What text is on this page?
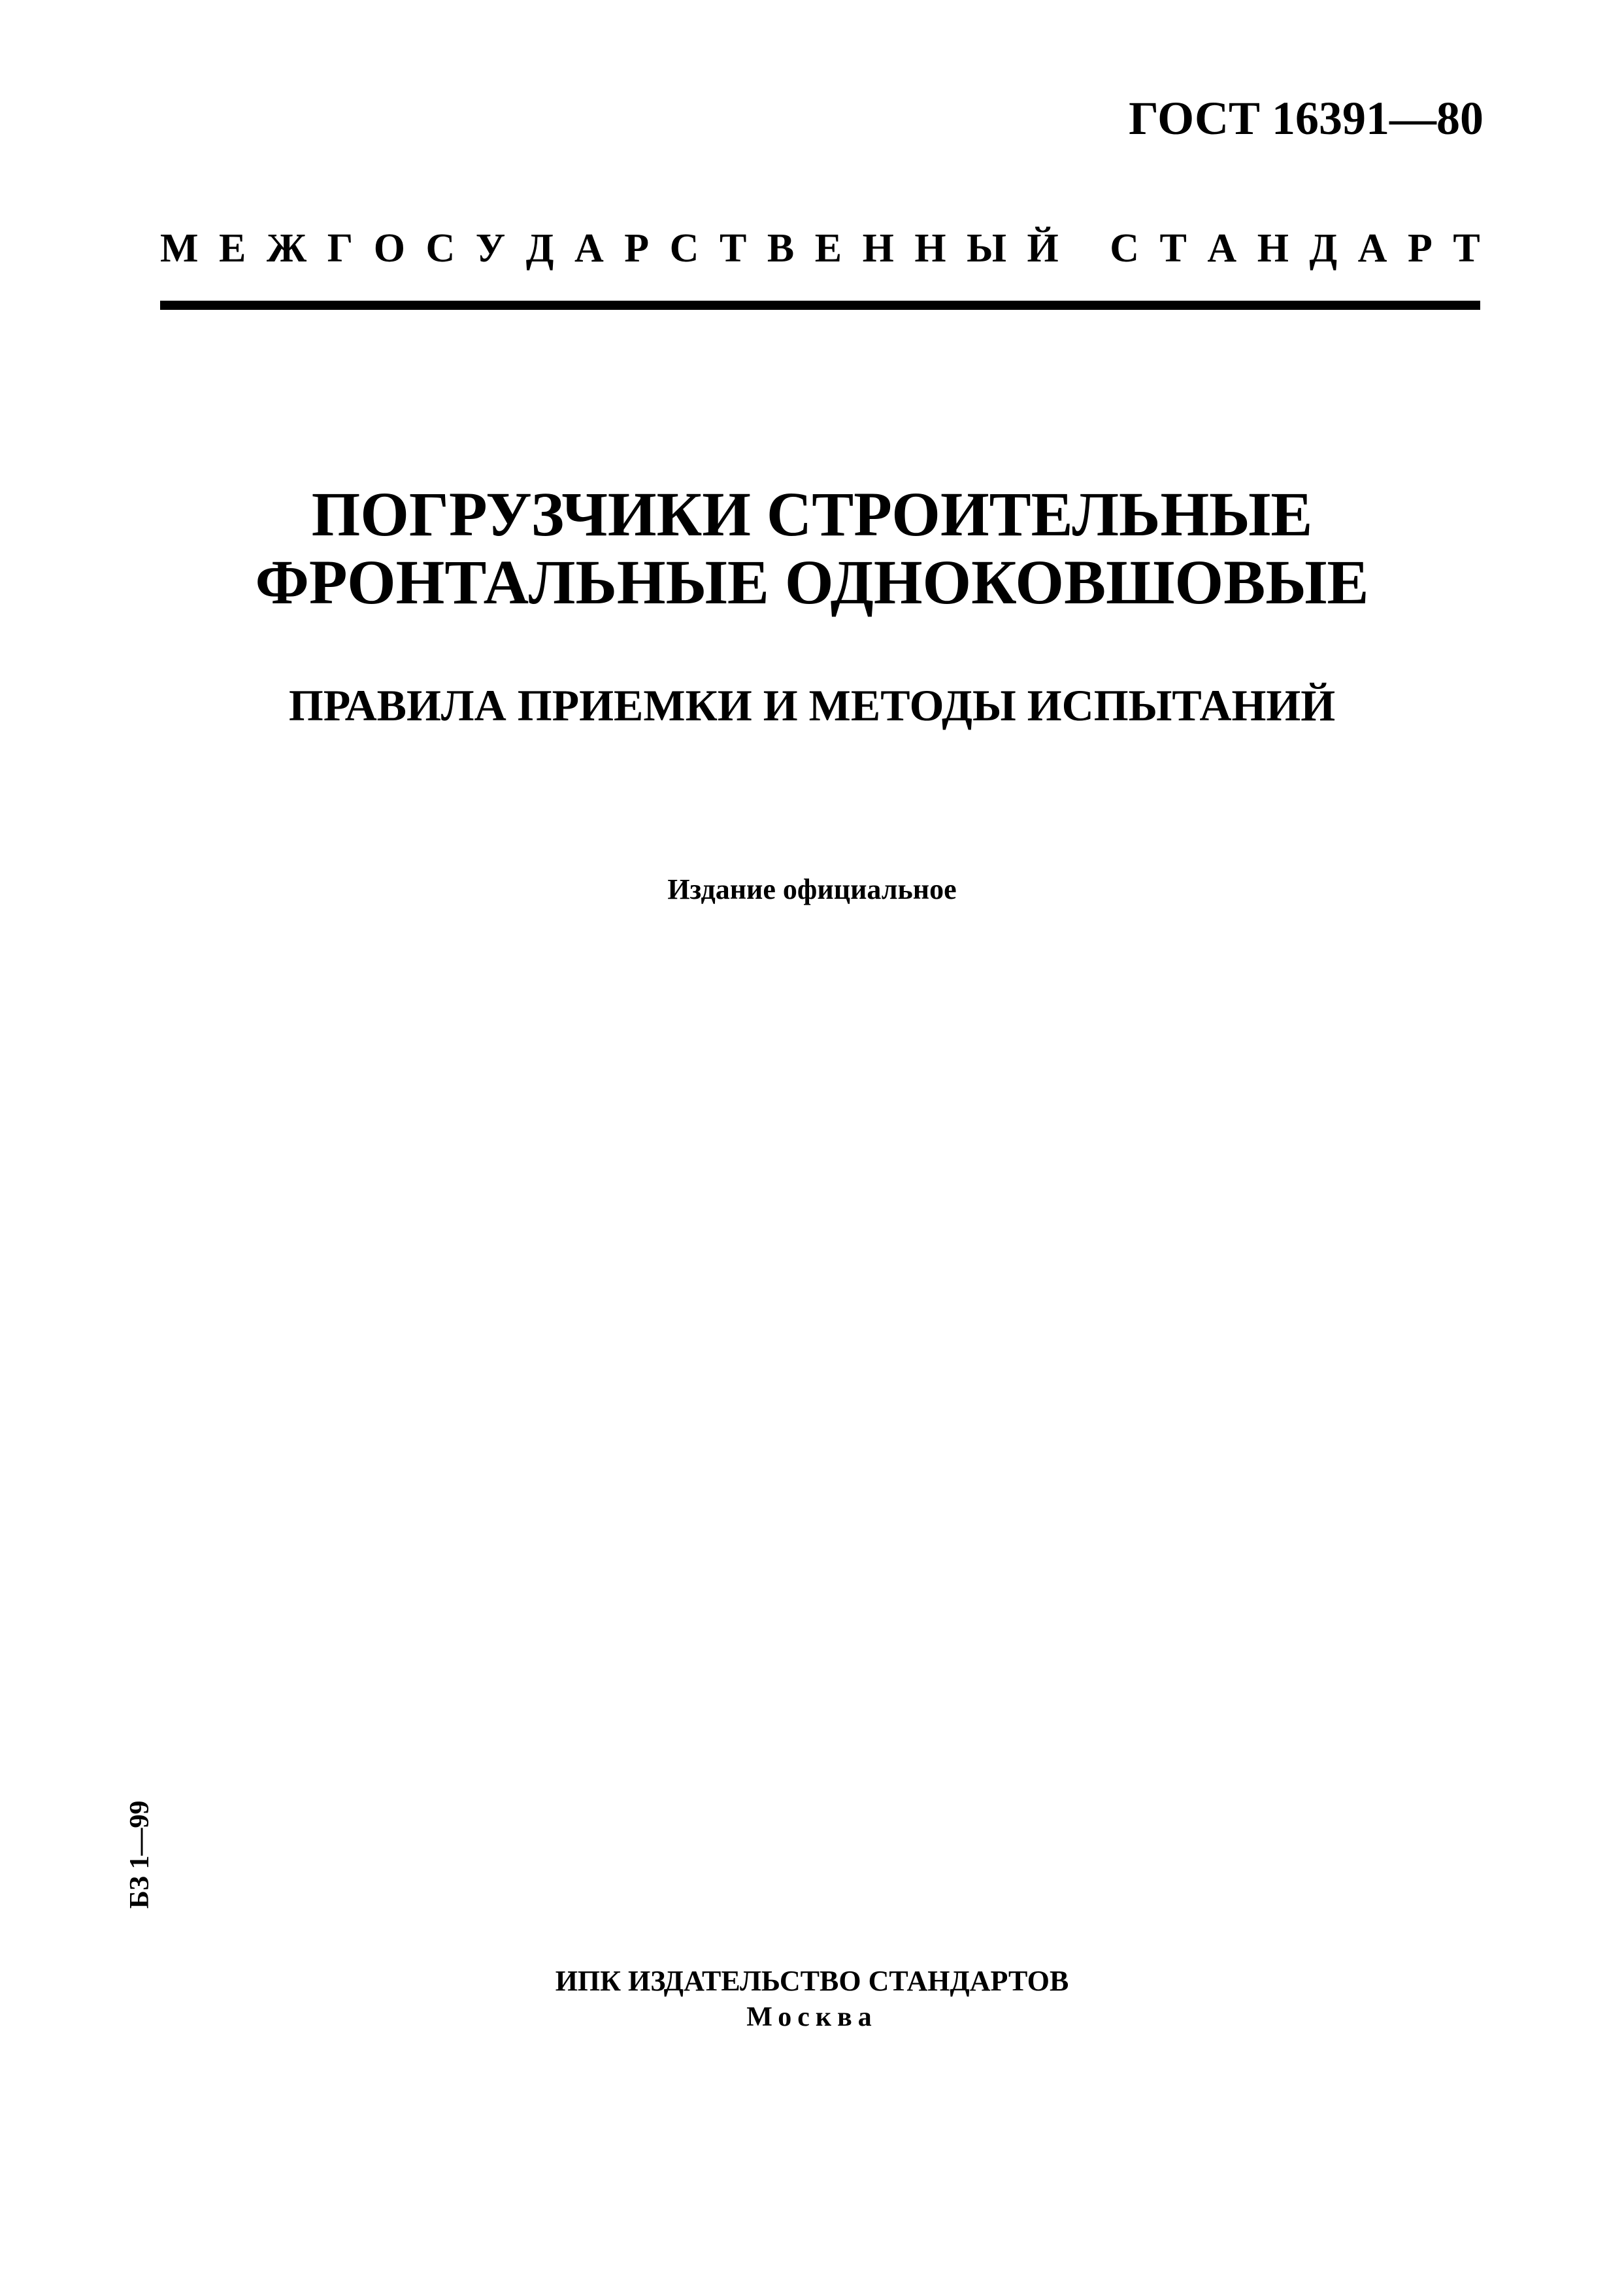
ГОСТ 16391—80
М Е Ж Г О С У Д А Р С Т В Е Н Н Ы Й
С Т А Н Д А Р Т
ПОГРУЗЧИКИ СТРОИТЕЛЬНЫЕ
ФРОНТАЛЬНЫЕ ОДНОКОВШОВЫЕ
ПРАВИЛА ПРИЕМКИ И МЕТОДЫ ИСПЫТАНИЙ
Издание официальное
БЗ 1—99
ИПК ИЗДАТЕЛЬСТВО СТАНДАРТОВ
Москва
